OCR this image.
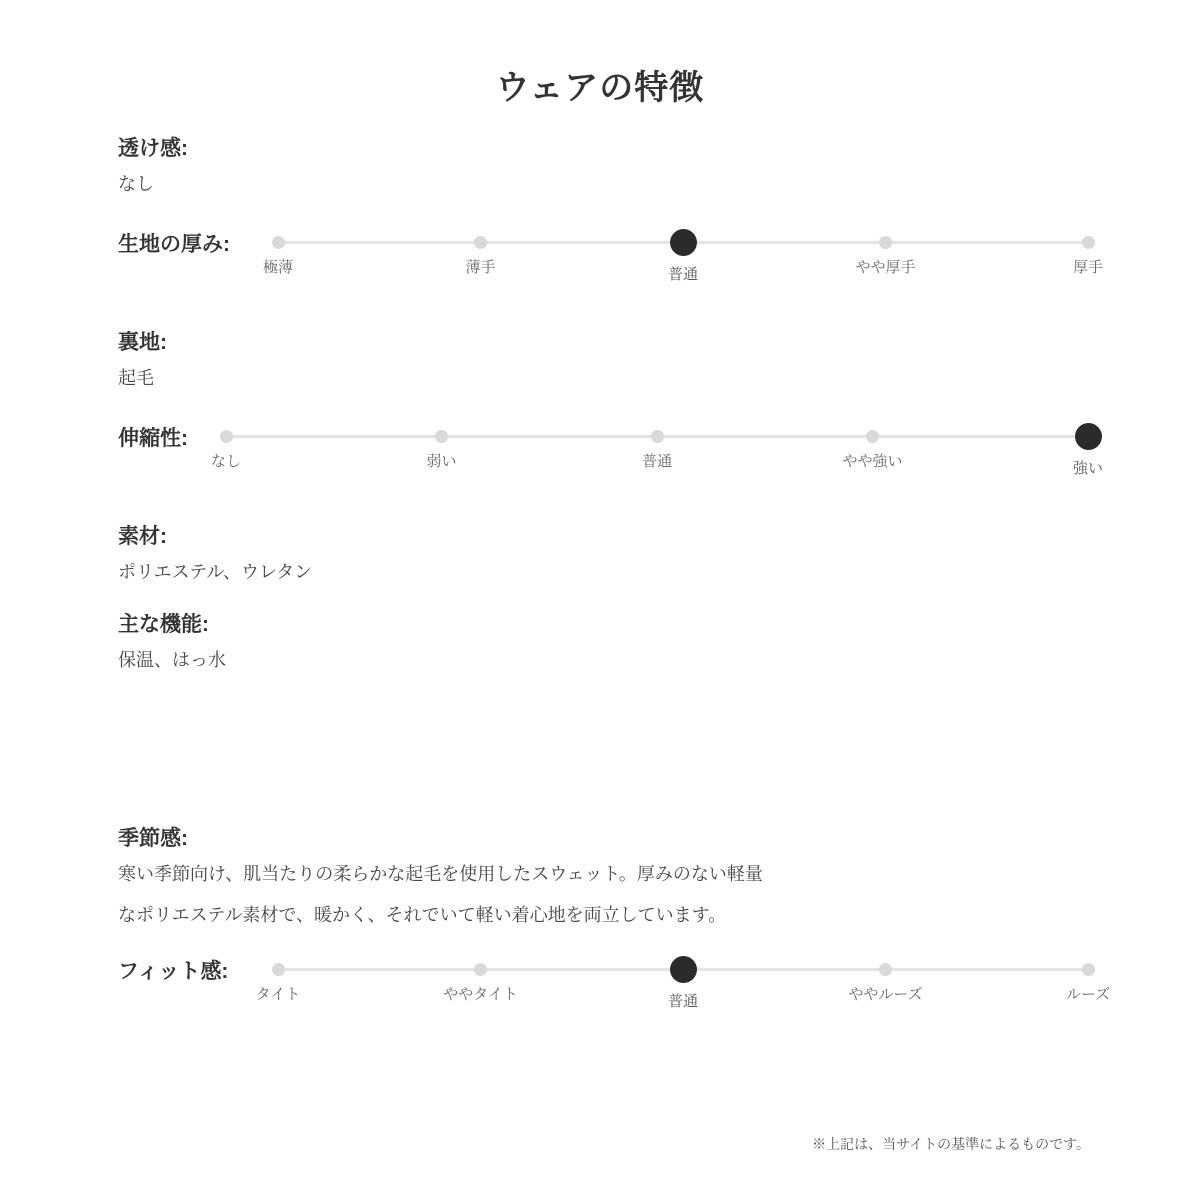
ウェアの特徴
透け感:
なし
生地の厚み:
極薄	薄手	普通	やや厚手	厚手
裏地:
起毛
伸縮性:
なし	弱い	普通	やや強い	強い
素材:
ポリエステル、ウレタン
主な機能:
保温、はっ水
季節感:
寒い季節向け、肌当たりの柔らかな起毛を使用したスウェット。厚みのない軽量
なポリエステル素材で、暖かく、それでいて軽い着心地を両立しています。
フィット感:
タイト	ややタイト	普通	ややルーズ	ルーズ
※上記は、当サイトの基準によるものです。
